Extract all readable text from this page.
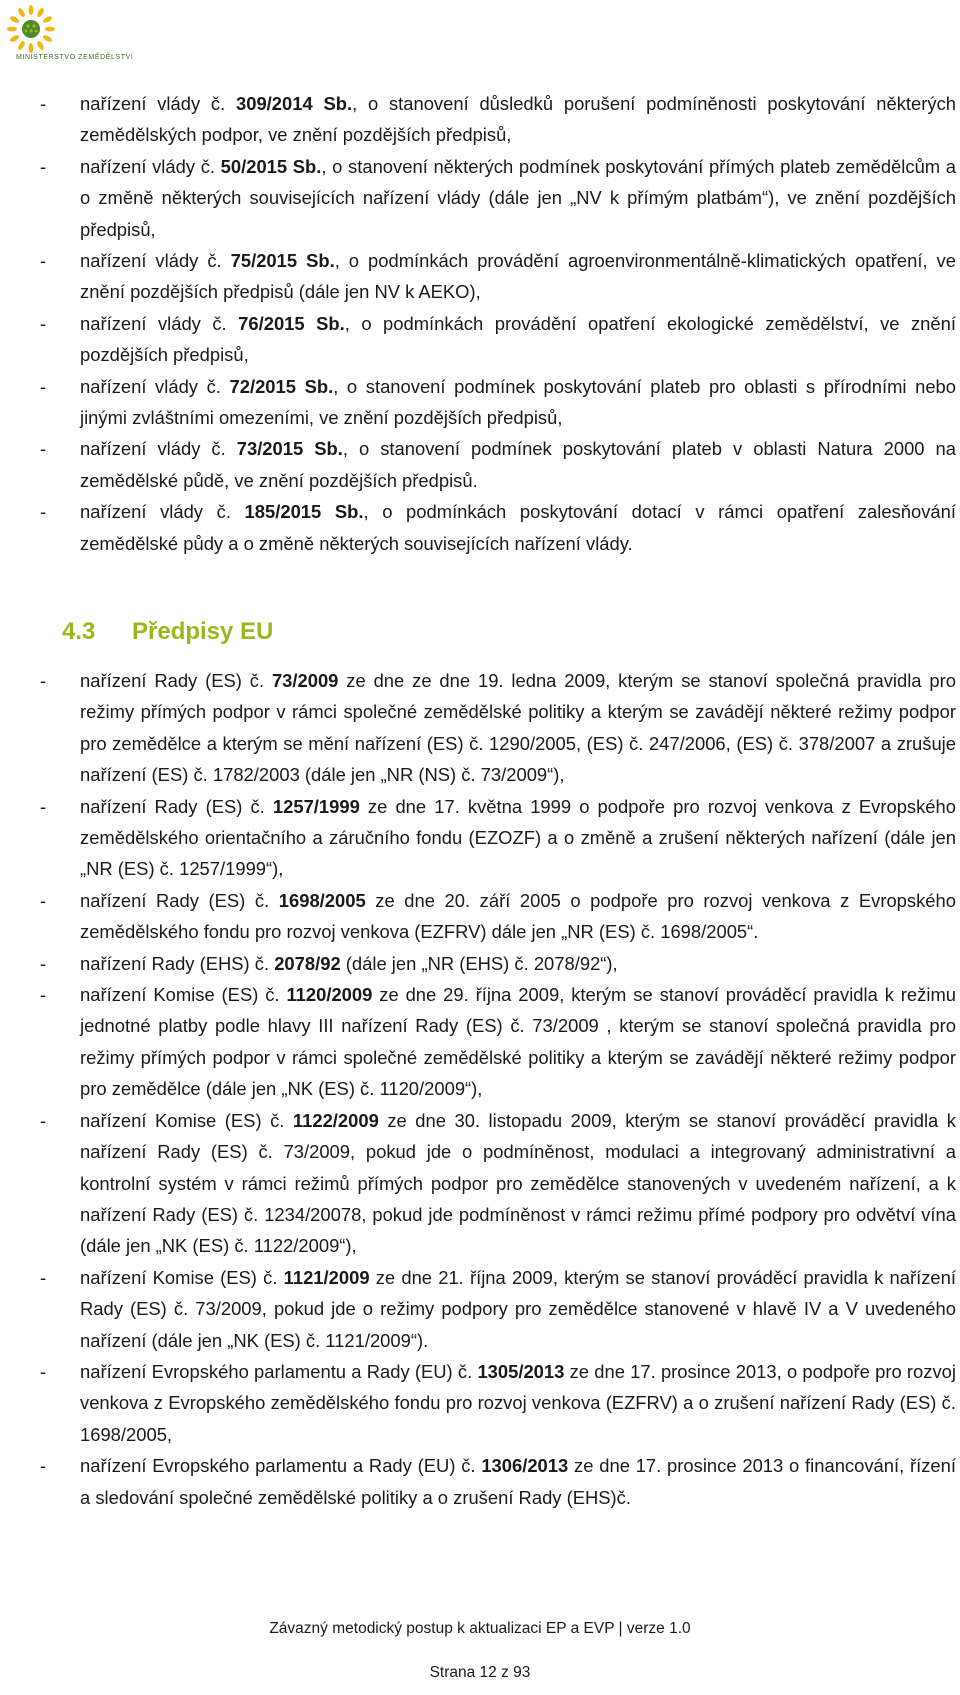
MINISTERSTVO ZEMĚDĚLSTVÍ
- nařízení vlády č. 309/2014 Sb., o stanovení důsledků porušení podmíněnosti poskytování některých zemědělských podpor, ve znění pozdějších předpisů,
- nařízení vlády č. 50/2015 Sb., o stanovení některých podmínek poskytování přímých plateb zemědělcům a o změně některých souvisejících nařízení vlády (dále jen „NV k přímým platbám“), ve znění pozdějších předpisů,
- nařízení vlády č. 75/2015 Sb., o podmínkách provádění agroenvironmentálně-klimatických opatření, ve znění pozdějších předpisů (dále jen NV k AEKO),
- nařízení vlády č. 76/2015 Sb., o podmínkách provádění opatření ekologické zemědělství, ve znění pozdějších předpisů,
- nařízení vlády č. 72/2015 Sb., o stanovení podmínek poskytování plateb pro oblasti s přírodními nebo jinými zvláštními omezeními, ve znění pozdějších předpisů,
- nařízení vlády č. 73/2015 Sb., o stanovení podmínek poskytování plateb v oblasti Natura 2000 na zemědělské půdě, ve znění pozdějších předpisů.
- nařízení vlády č. 185/2015 Sb., o podmínkách poskytování dotací v rámci opatření zalesňování zemědělské půdy a o změně některých souvisejících nařízení vlády.
4.3 Předpisy EU
- nařízení Rady (ES) č. 73/2009 ze dne ze dne 19. ledna 2009, kterým se stanoví společná pravidla pro režimy přímých podpor v rámci společné zemědělské politiky a kterým se zavádějí některé režimy podpor pro zemědělce a kterým se mění nařízení (ES) č. 1290/2005, (ES) č. 247/2006, (ES) č. 378/2007 a zrušuje nařízení (ES) č. 1782/2003 (dále jen „NR (NS) č. 73/2009“),
- nařízení Rady (ES) č. 1257/1999 ze dne 17. května 1999 o podpoře pro rozvoj venkova z Evropského zemědělského orientačního a záručního fondu (EZOZF) a o změně a zrušení některých nařízení (dále jen „NR (ES) č. 1257/1999“),
- nařízení Rady (ES) č. 1698/2005 ze dne 20. září 2005 o podpoře pro rozvoj venkova z Evropského zemědělského fondu pro rozvoj venkova (EZFRV) dále jen „NR (ES) č. 1698/2005“.
- nařízení Rady (EHS) č. 2078/92 (dále jen „NR (EHS) č. 2078/92“),
- nařízení Komise (ES) č. 1120/2009 ze dne 29. října 2009, kterým se stanoví prováděcí pravidla k režimu jednotné platby podle hlavy III nařízení Rady (ES) č. 73/2009 , kterým se stanoví společná pravidla pro režimy přímých podpor v rámci společné zemědělské politiky a kterým se zavádějí některé režimy podpor pro zemědělce (dále jen „NK (ES) č. 1120/2009“),
- nařízení Komise (ES) č. 1122/2009 ze dne 30. listopadu 2009, kterým se stanoví prováděcí pravidla k nařízení Rady (ES) č. 73/2009, pokud jde o podmíněnost, modulaci a integrovaný administrativní a kontrolní systém v rámci režimů přímých podpor pro zemědělce stanovených v uvedeném nařízení, a k nařízení Rady (ES) č. 1234/20078, pokud jde podmíněnost v rámci režimu přímé podpory pro odvětví vína (dále jen „NK (ES) č. 1122/2009“),
- nařízení Komise (ES) č. 1121/2009 ze dne 21. října 2009, kterým se stanoví prováděcí pravidla k nařízení Rady (ES) č. 73/2009, pokud jde o režimy podpory pro zemědělce stanovené v hlavě IV a V uvedeného nařízení (dále jen „NK (ES) č. 1121/2009“).
- nařízení Evropského parlamentu a Rady (EU) č. 1305/2013 ze dne 17. prosince 2013, o podpoře pro rozvoj venkova z Evropského zemědělského fondu pro rozvoj venkova (EZFRV) a o zrušení nařízení Rady (ES) č. 1698/2005,
- nařízení Evropského parlamentu a Rady (EU) č. 1306/2013 ze dne 17. prosince 2013 o financování, řízení a sledování společné zemědělské politiky a o zrušení Rady (EHS)č.
Závazný metodický postup k aktualizaci EP a EVP | verze 1.0
Strana 12 z 93
